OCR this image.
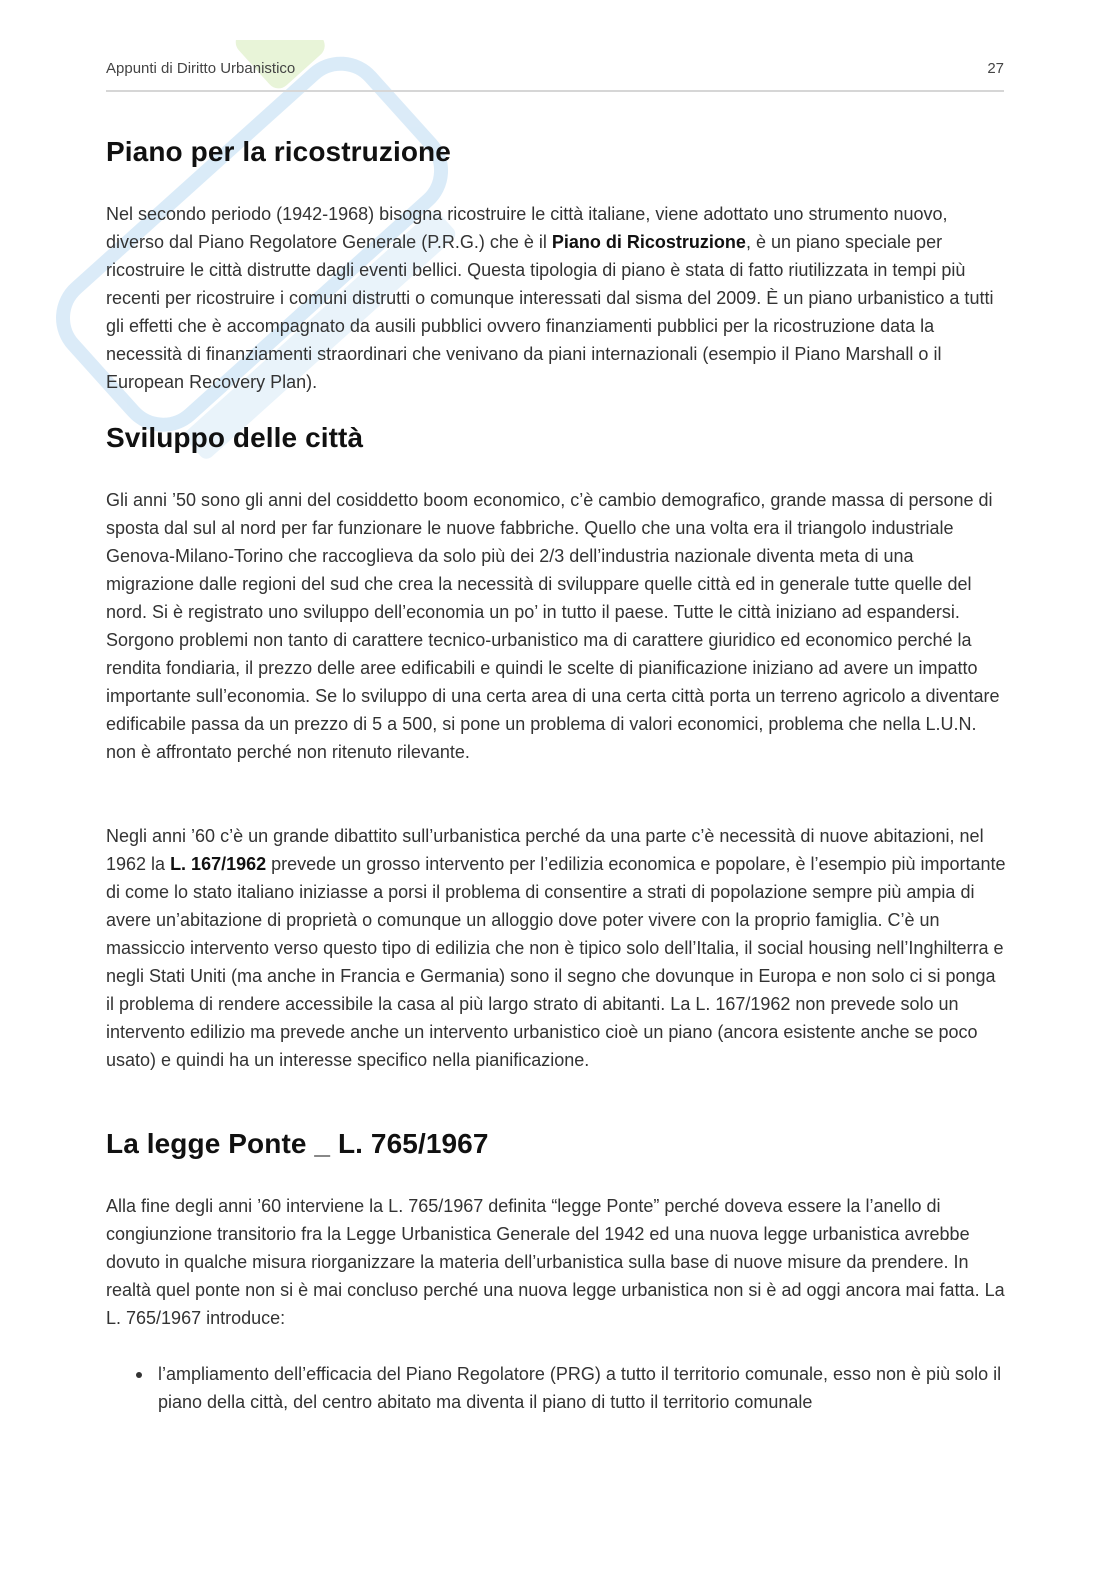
Appunti di Diritto Urbanistico	27
Piano per la ricostruzione

Nel secondo periodo (1942-1968) bisogna ricostruire le città italiane, viene adottato uno strumento nuovo, diverso dal Piano Regolatore Generale (P.R.G.) che è il Piano di Ricostruzione, è un piano speciale per ricostruire le città distrutte dagli eventi bellici. Questa tipologia di piano è stata di fatto riutilizzata in tempi più recenti per ricostruire i comuni distrutti o comunque interessati dal sisma del 2009. È un piano urbanistico a tutti gli effetti che è accompagnato da ausili pubblici ovvero finanziamenti pubblici per la ricostruzione data la necessità di finanziamenti straordinari che venivano da piani internazionali (esempio il Piano Marshall o il European Recovery Plan).

Sviluppo delle città

Gli anni ’50 sono gli anni del cosiddetto boom economico, c’è cambio demografico, grande massa di persone di sposta dal sul al nord per far funzionare le nuove fabbriche. Quello che una volta era il triangolo industriale Genova-Milano-Torino che raccoglieva da solo più dei 2/3 dell’industria nazionale diventa meta di una migrazione dalle regioni del sud che crea la necessità di sviluppare quelle città ed in generale tutte quelle del nord. Si è registrato uno sviluppo dell’economia un po’ in tutto il paese. Tutte le città iniziano ad espandersi. Sorgono problemi non tanto di carattere tecnico-urbanistico ma di carattere giuridico ed economico perché la rendita fondiaria, il prezzo delle aree edificabili e quindi le scelte di pianificazione iniziano ad avere un impatto importante sull’economia. Se lo sviluppo di una certa area di una certa città porta un terreno agricolo a diventare edificabile passa da un prezzo di 5 a 500, si pone un problema di valori economici, problema che nella L.U.N. non è affrontato perché non ritenuto rilevante.

Negli anni ’60 c’è un grande dibattito sull’urbanistica perché da una parte c’è necessità di nuove abitazioni, nel 1962 la L. 167/1962 prevede un grosso intervento per l’edilizia economica e popolare, è l’esempio più importante di come lo stato italiano iniziasse a porsi il problema di consentire a strati di popolazione sempre più ampia di avere un’abitazione di proprietà o comunque un alloggio dove poter vivere con la proprio famiglia. C’è un massiccio intervento verso questo tipo di edilizia che non è tipico solo dell’Italia, il social housing nell’Inghilterra e negli Stati Uniti (ma anche in Francia e Germania) sono il segno che dovunque in Europa e non solo ci si ponga il problema di rendere accessibile la casa al più largo strato di abitanti. La L. 167/1962 non prevede solo un intervento edilizio ma prevede anche un intervento urbanistico cioè un piano (ancora esistente anche se poco usato) e quindi ha un interesse specifico nella pianificazione.

La legge Ponte _ L. 765/1967

Alla fine degli anni ’60 interviene la L. 765/1967 definita “legge Ponte” perché doveva essere la l’anello di congiunzione transitorio fra la Legge Urbanistica Generale del 1942 ed una nuova legge urbanistica avrebbe dovuto in qualche misura riorganizzare la materia dell’urbanistica sulla base di nuove misure da prendere. In realtà quel ponte non si è mai concluso perché una nuova legge urbanistica non si è ad oggi ancora mai fatta. La L. 765/1967 introduce:

l’ampliamento dell’efficacia del Piano Regolatore (PRG) a tutto il territorio comunale, esso non è più solo il piano della città, del centro abitato ma diventa il piano di tutto il territorio comunale
